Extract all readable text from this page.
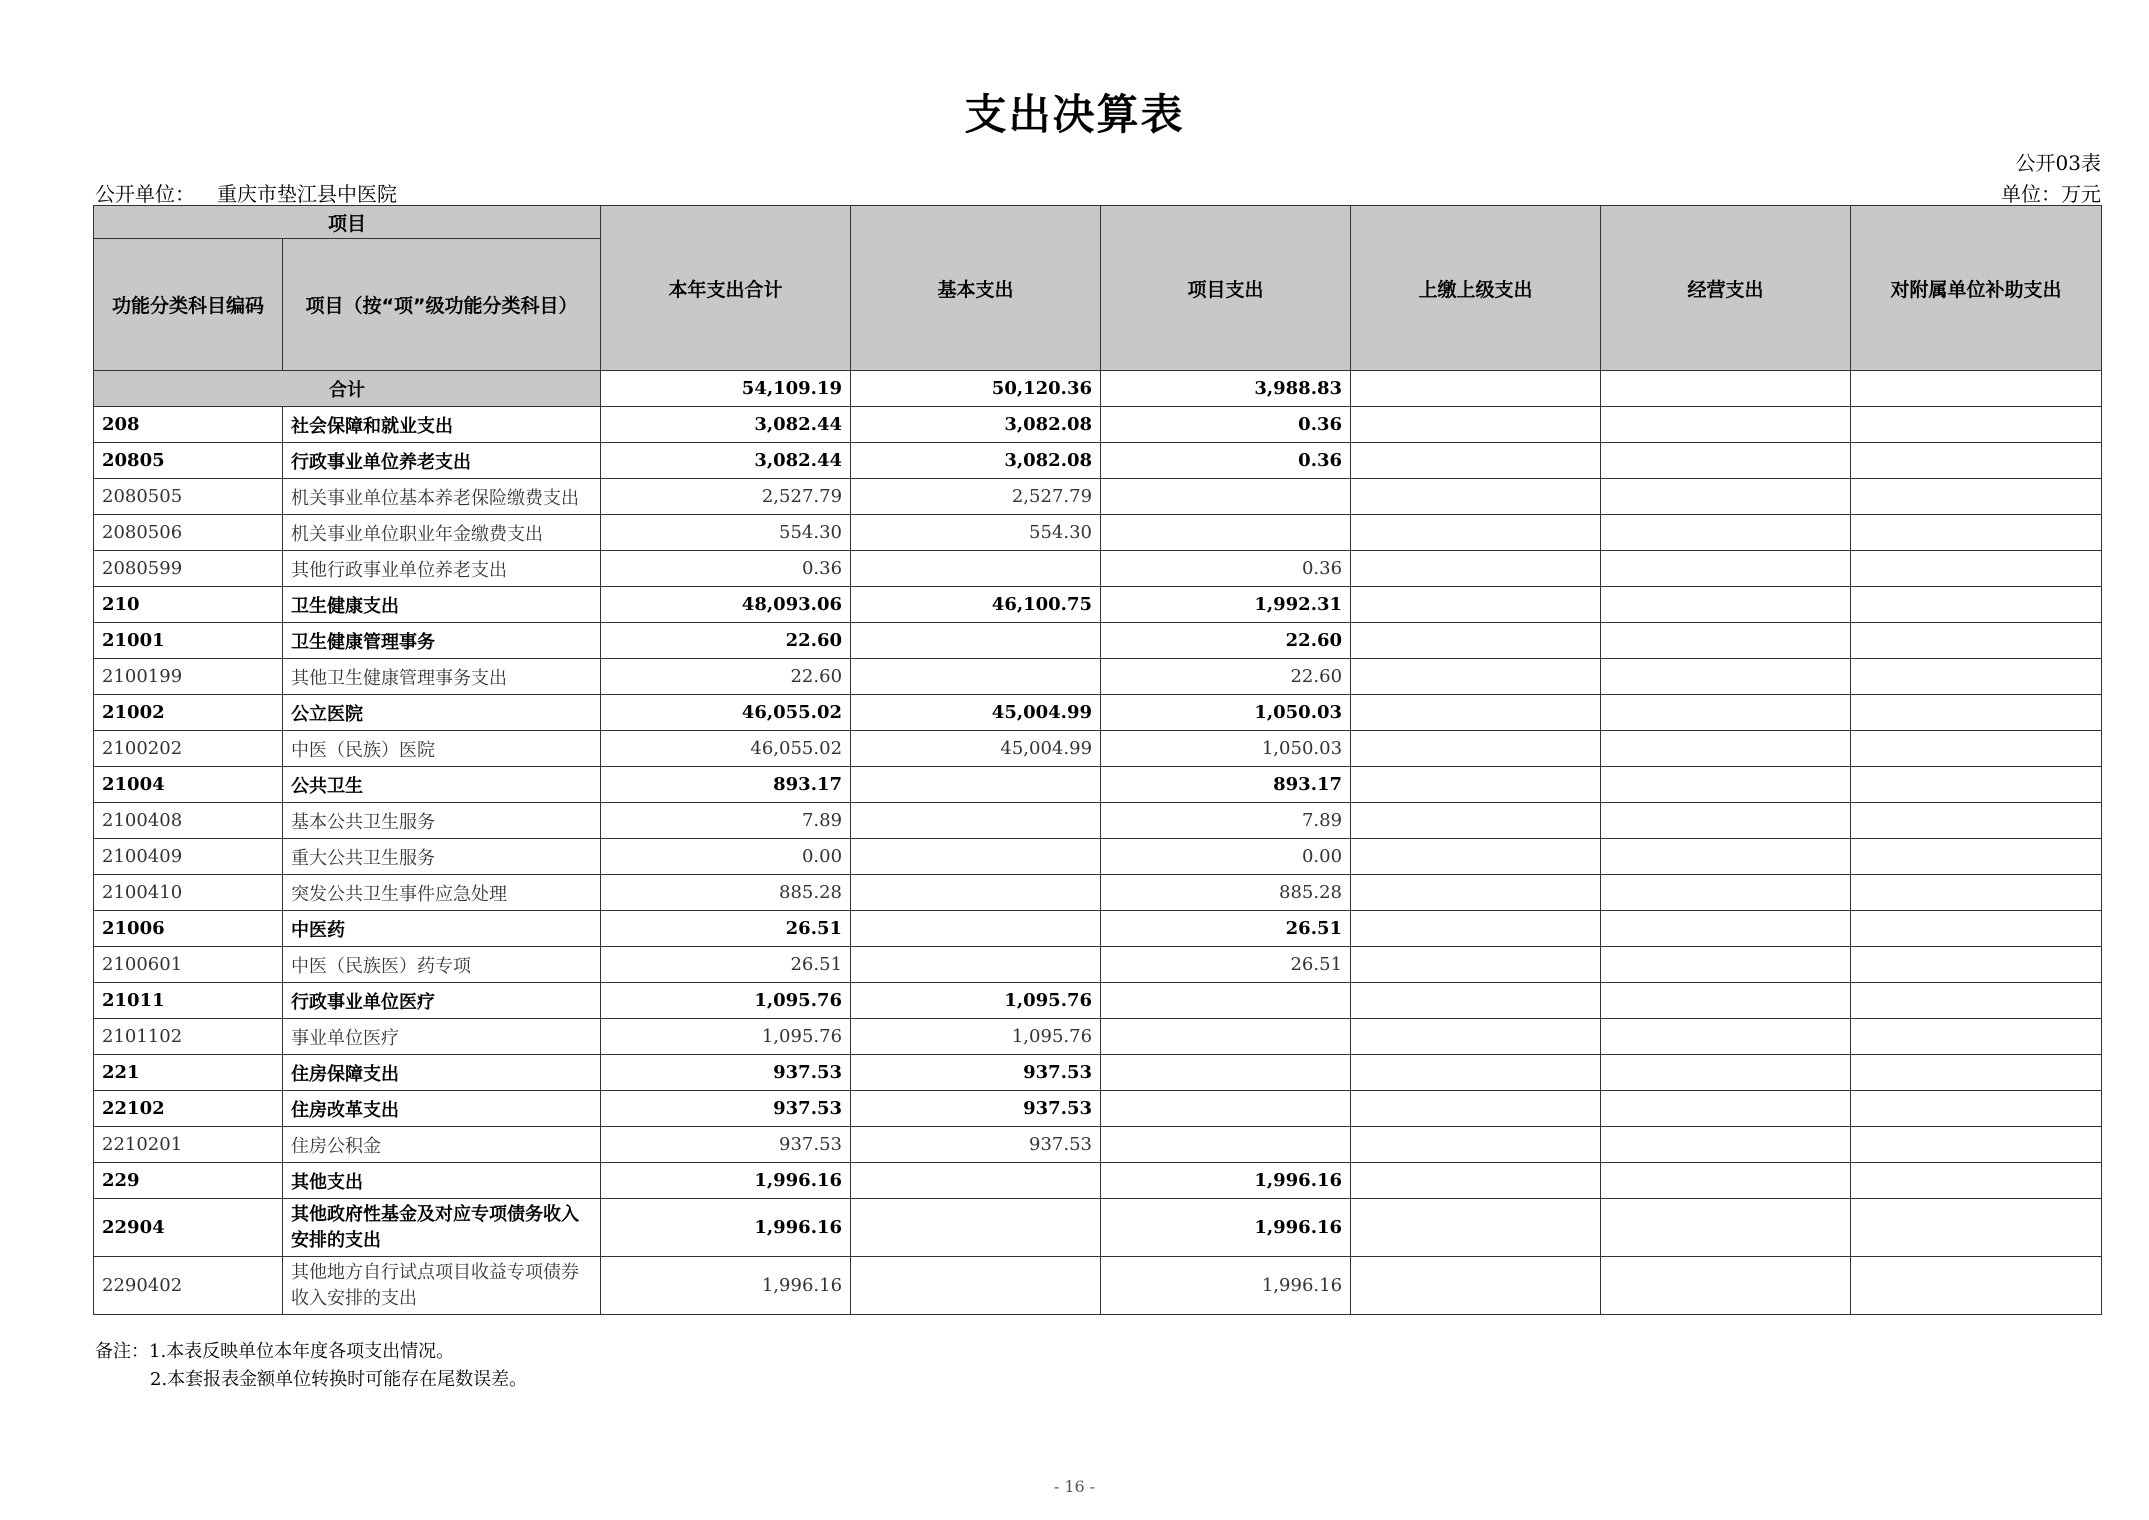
支出决算表
公开03表
公开单位： 重庆市垫江县中医院	单位：万元
项目		本年支出合计	基本支出	项目支出	上缴上级支出	经营支出	对附属单位补助支出
功能分类科目编码	项目（按“项”级功能分类科目）						
合计		54,109.19	50,120.36	3,988.83			
208	社会保障和就业支出	3,082.44	3,082.08	0.36			
20805	行政事业单位养老支出	3,082.44	3,082.08	0.36			
2080505	机关事业单位基本养老保险缴费支出	2,527.79	2,527.79				
2080506	机关事业单位职业年金缴费支出	554.30	554.30				
2080599	其他行政事业单位养老支出	0.36		0.36			
210	卫生健康支出	48,093.06	46,100.75	1,992.31			
21001	卫生健康管理事务	22.60		22.60			
2100199	其他卫生健康管理事务支出	22.60		22.60			
21002	公立医院	46,055.02	45,004.99	1,050.03			
2100202	中医（民族）医院	46,055.02	45,004.99	1,050.03			
21004	公共卫生	893.17		893.17			
2100408	基本公共卫生服务	7.89		7.89			
2100409	重大公共卫生服务	0.00		0.00			
2100410	突发公共卫生事件应急处理	885.28		885.28			
21006	中医药	26.51		26.51			
2100601	中医（民族医）药专项	26.51		26.51			
21011	行政事业单位医疗	1,095.76	1,095.76				
2101102	事业单位医疗	1,095.76	1,095.76				
221	住房保障支出	937.53	937.53				
22102	住房改革支出	937.53	937.53				
2210201	住房公积金	937.53	937.53				
229	其他支出	1,996.16		1,996.16			
22904	其他政府性基金及对应专项债务收入安排的支出	1,996.16		1,996.16			
2290402	其他地方自行试点项目收益专项债券收入安排的支出	1,996.16		1,996.16			
备注：1.本表反映单位本年度各项支出情况。
2.本套报表金额单位转换时可能存在尾数误差。
- 16 -
